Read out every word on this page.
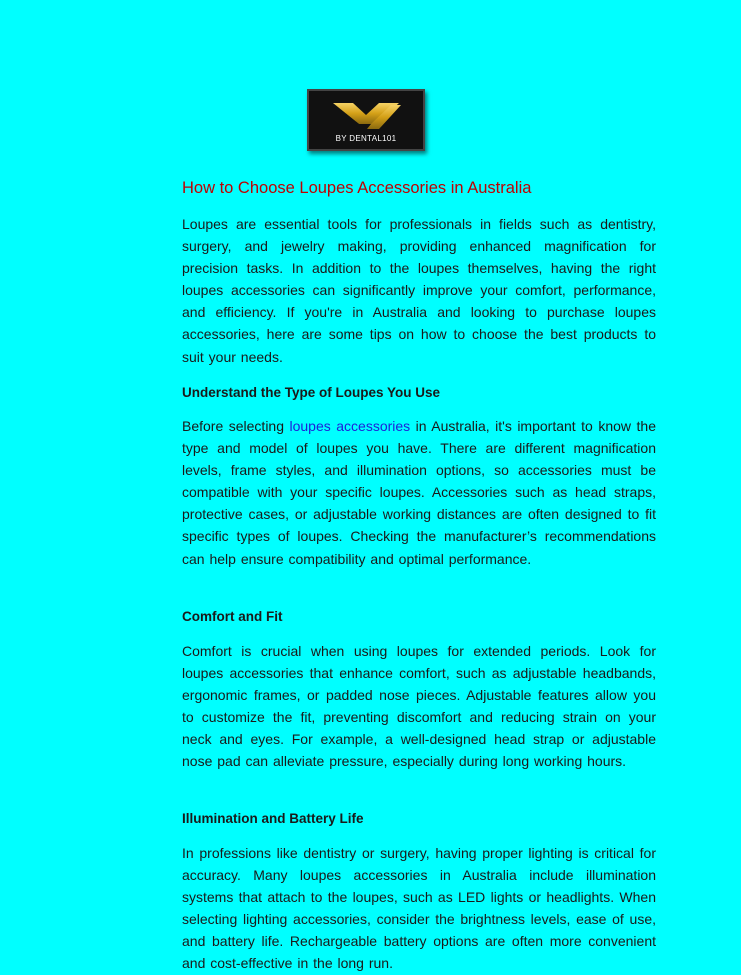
BY DENTAL101
How to Choose Loupes Accessories in Australia

Loupes are essential tools for professionals in fields such as dentistry, surgery, and jewelry making, providing enhanced magnification for precision tasks. In addition to the loupes themselves, having the right loupes accessories can significantly improve your comfort, performance, and efficiency. If you're in Australia and looking to purchase loupes accessories, here are some tips on how to choose the best products to suit your needs.

Understand the Type of Loupes You Use

Before selecting loupes accessories in Australia, it's important to know the type and model of loupes you have. There are different magnification levels, frame styles, and illumination options, so accessories must be compatible with your specific loupes. Accessories such as head straps, protective cases, or adjustable working distances are often designed to fit specific types of loupes. Checking the manufacturer’s recommendations can help ensure compatibility and optimal performance.

Comfort and Fit

Comfort is crucial when using loupes for extended periods. Look for loupes accessories that enhance comfort, such as adjustable headbands, ergonomic frames, or padded nose pieces. Adjustable features allow you to customize the fit, preventing discomfort and reducing strain on your neck and eyes. For example, a well-designed head strap or adjustable nose pad can alleviate pressure, especially during long working hours.

Illumination and Battery Life

In professions like dentistry or surgery, having proper lighting is critical for accuracy. Many loupes accessories in Australia include illumination systems that attach to the loupes, such as LED lights or headlights. When selecting lighting accessories, consider the brightness levels, ease of use, and battery life. Rechargeable battery options are often more convenient and cost-effective in the long run.
